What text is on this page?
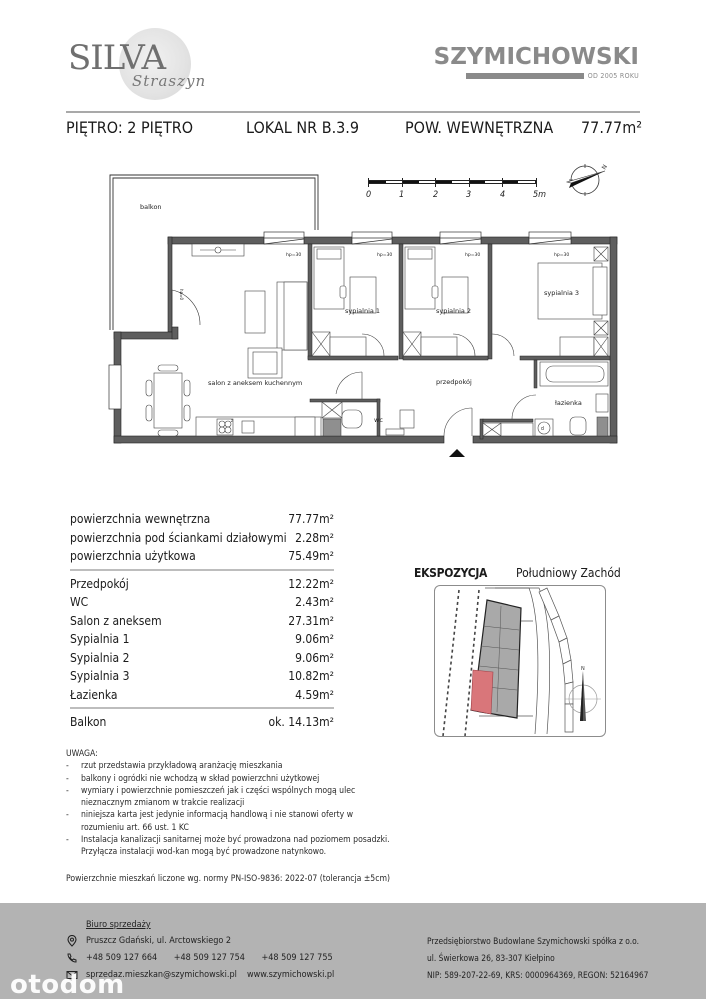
SILVA
Straszyn
SZYMICHOWSKI
OD 2005 ROKU
PIĘTRO: 2 PIĘTRO	LOKAL NR B.3.9	POW. WEWNĘTRZNA 77.77m²
0	1	2	3	4	5m
N
balkon
hp=30	hp=30	hp=30	hp=30
hp=0
z
salon z aneksem kuchennym
sypialnia 1	sypialnia 2
sypialnia 3
przedpokój
wc
d
łazienka
powierzchnia wewnętrzna	77.77m²
powierzchnia pod ściankami działowymi 2.28m²
powierzchnia użytkowa	75.49m²
Przedpokój	12.22m²
WC	2.43m²
Salon z aneksem	27.31m²
Sypialnia 1	9.06m²
Sypialnia 2	9.06m²
Sypialnia 3	10.82m²
Łazienka	4.59m²
Balkon	ok. 14.13m²
UWAGA:
- rzut przedstawia przykładową aranżację mieszkania
- balkony i ogródki nie wchodzą w skład powierzchni użytkowej
- wymiary i powierzchnie pomieszczeń jak i części wspólnych mogą ulec nieznacznym zmianom w trakcie realizacji
- niniejsza karta jest jedynie informacją handlową i nie stanowi oferty w rozumieniu art. 66 ust. 1 KC
- Instalacja kanalizacji sanitarnej może być prowadzona nad poziomem posadzki. Przyłącza instalacji wod-kan mogą być prowadzone natynkowo.
Powierzchnie mieszkań liczone wg. normy PN-ISO-9836: 2022-07 (tolerancja ±5cm)
EKSPOZYCJA Południowy Zachód
N
Biuro sprzedaży
Pruszcz Gdański, ul. Arctowskiego 2
+48 509 127 664 +48 509 127 754 +48 509 127 755
sprzedaz.mieszkan@szymichowski.pl www.szymichowski.pl
Przedsiębiorstwo Budowlane Szymichowski spółka z o.o.
ul. Świerkowa 26, 83-307 Kiełpino
NIP: 589-207-22-69, KRS: 0000964369, REGON: 52164967
otodom
